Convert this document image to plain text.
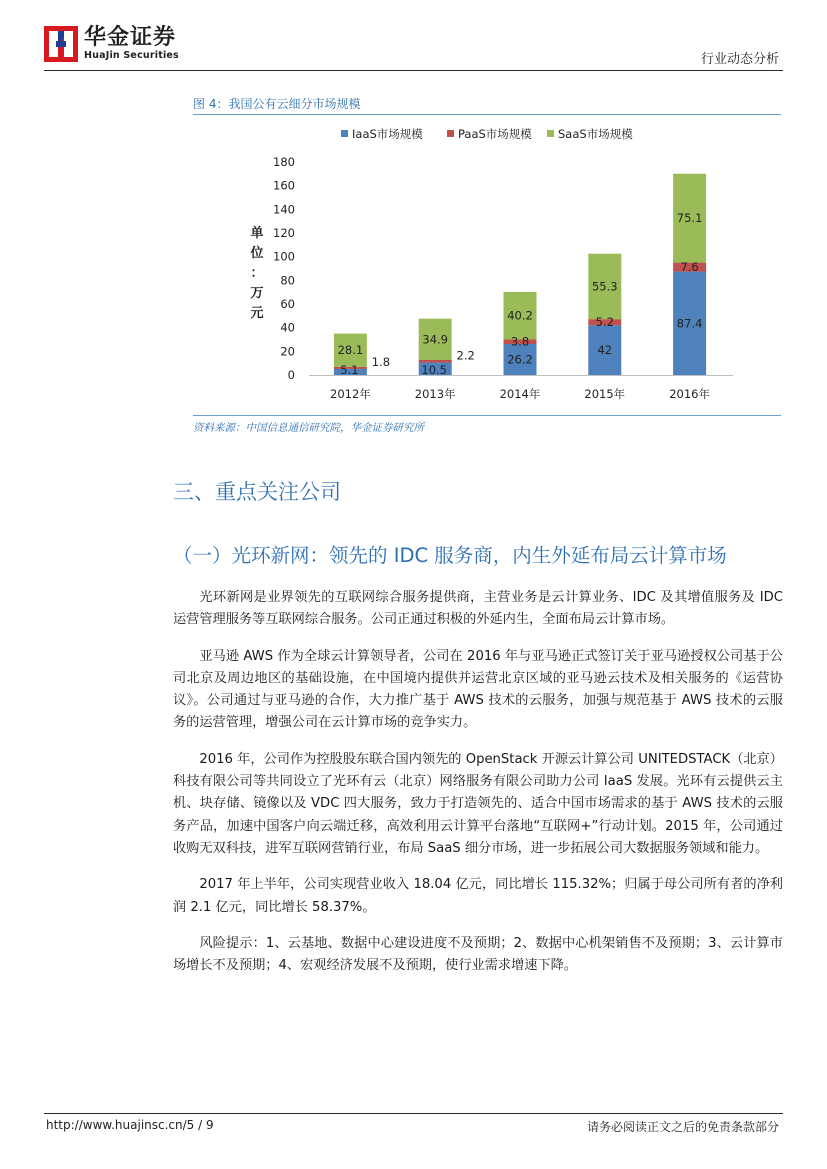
华金证券
HuaJin Securities	行业动态分析
图 4：我国公有云细分市场规模
IaaS市场规模	PaaS市场规模 SaaS市场规模
单
位
：
万
元
0
20
40
60
80
100
120
140
160
180
5.1
1.8
28.1
10.5
2.2
34.9
26.2
3.8
40.2
42
5.2
55.3
87.4
7.6
75.1
2012年	2013年	2014年	2015年	2016年
资料来源：中国信息通信研究院，华金证券研究所
三、重点关注公司
（一）光环新网：领先的 IDC 服务商，内生外延布局云计算市场

光环新网是业界领先的互联网综合服务提供商，主营业务是云计算业务、IDC 及其增值服务及 IDC 运营管理服务等互联网综合服务。公司正通过积极的外延内生，全面布局云计算市场。

亚马逊 AWS 作为全球云计算领导者，公司在 2016 年与亚马逊正式签订关于亚马逊授权公司基于公司北京及周边地区的基础设施，在中国境内提供并运营北京区域的亚马逊云技术及相关服务的《运营协议》。公司通过与亚马逊的合作，大力推广基于 AWS 技术的云服务，加强与规范基于 AWS 技术的云服务的运营管理，增强公司在云计算市场的竞争实力。

2016 年，公司作为控股股东联合国内领先的 OpenStack 开源云计算公司 UNITEDSTACK（北京）科技有限公司等共同设立了光环有云（北京）网络服务有限公司助力公司 IaaS 发展。光环有云提供云主机、块存储、镜像以及 VDC 四大服务，致力于打造领先的、适合中国市场需求的基于 AWS 技术的云服务产品，加速中国客户向云端迁移，高效利用云计算平台落地“互联网+”行动计划。2015 年，公司通过收购无双科技，进军互联网营销行业，布局 SaaS 细分市场，进一步拓展公司大数据服务领域和能力。

2017 年上半年，公司实现营业收入 18.04 亿元，同比增长 115.32%；归属于母公司所有者的净利润 2.1 亿元，同比增长 58.37%。

风险提示：1、云基地、数据中心建设进度不及预期；2、数据中心机架销售不及预期；3、云计算市场增长不及预期；4、宏观经济发展不及预期，使行业需求增速下降。

http://www.huajinsc.cn/5 / 9	请务必阅读正文之后的免责条款部分
